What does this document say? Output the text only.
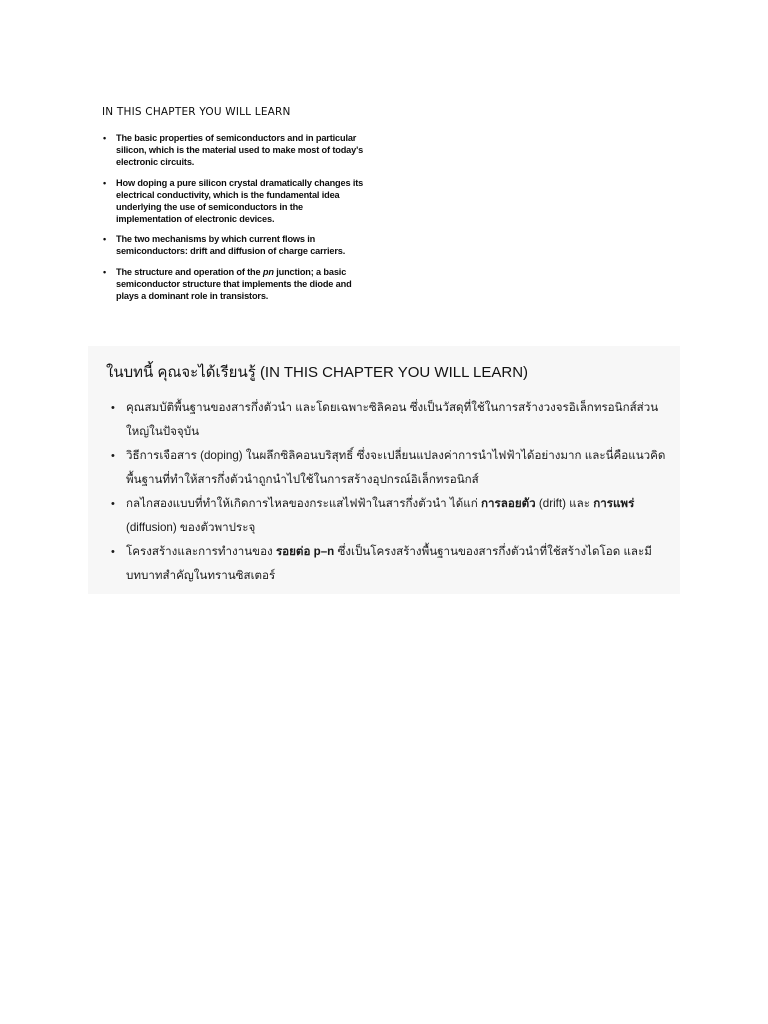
IN THIS CHAPTER YOU WILL LEARN
• The basic properties of semiconductors and in particular silicon, which is the material used to make most of today's electronic circuits.
• How doping a pure silicon crystal dramatically changes its electrical conductivity, which is the fundamental idea underlying the use of semiconductors in the implementation of electronic devices.
• The two mechanisms by which current flows in semiconductors: drift and diffusion of charge carriers.
• The structure and operation of the pn junction; a basic semiconductor structure that implements the diode and plays a dominant role in transistors.
ในบทนี้ คุณจะได้เรียนรู้ (IN THIS CHAPTER YOU WILL LEARN)
• คุณสมบัติพื้นฐานของสารกึ่งตัวนำ และโดยเฉพาะซิลิคอน ซึ่งเป็นวัสดุที่ใช้ในการสร้างวงจรอิเล็กทรอนิกส์ส่วนใหญ่ในปัจจุบัน
• วิธีการเจือสาร (doping) ในผลึกซิลิคอนบริสุทธิ์ ซึ่งจะเปลี่ยนแปลงค่าการนำไฟฟ้าได้อย่างมาก และนี่คือแนวคิดพื้นฐานที่ทำให้สารกึ่งตัวนำถูกนำไปใช้ในการสร้างอุปกรณ์อิเล็กทรอนิกส์
• กลไกสองแบบที่ทำให้เกิดการไหลของกระแสไฟฟ้าในสารกึ่งตัวนำ ได้แก่ การลอยตัว (drift) และ การแพร่ (diffusion) ของตัวพาประจุ
• โครงสร้างและการทำงานของ รอยต่อ p–n ซึ่งเป็นโครงสร้างพื้นฐานของสารกึ่งตัวนำที่ใช้สร้างไดโอด และมีบทบาทสำคัญในทรานซิสเตอร์
